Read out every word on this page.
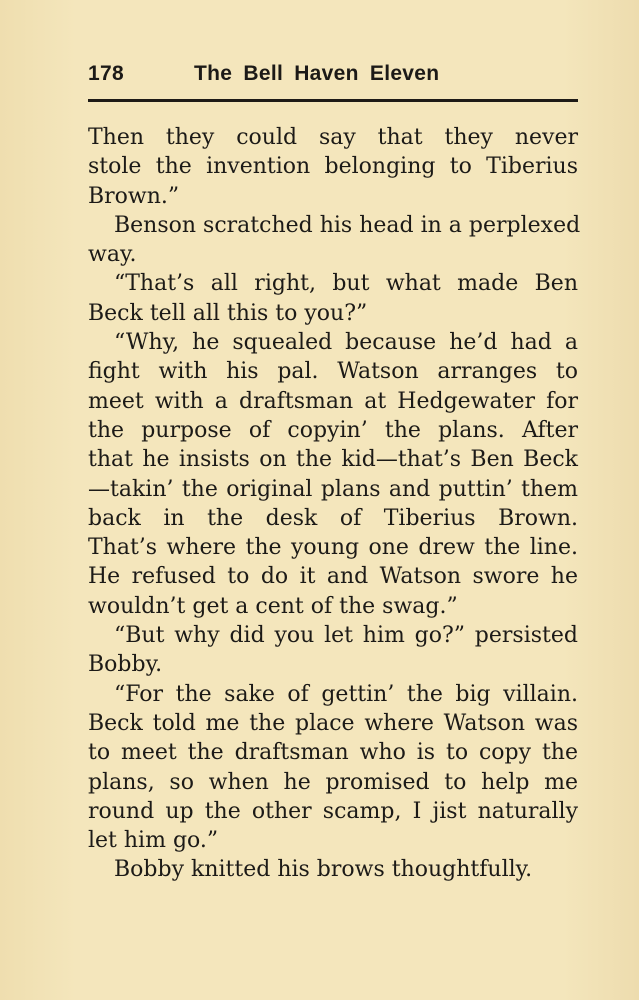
178	The Bell Haven Eleven
Then they could say that they never
stole the invention belonging to Tiberius
Brown.”
Benson scratched his head in a perplexed
way.
“That’s all right, but what made Ben
Beck tell all this to you?”
“Why, he squealed because he’d had a
fight with his pal. Watson arranges to
meet with a draftsman at Hedgewater for
the purpose of copyin’ the plans. After
that he insists on the kid—that’s Ben Beck
—takin’ the original plans and puttin’ them
back in the desk of Tiberius Brown.
That’s where the young one drew the line.
He refused to do it and Watson swore he
wouldn’t get a cent of the swag.”
“But why did you let him go?” persisted
Bobby.
“For the sake of gettin’ the big villain.
Beck told me the place where Watson was
to meet the draftsman who is to copy the
plans, so when he promised to help me
round up the other scamp, I jist naturally
let him go.”
Bobby knitted his brows thoughtfully.
